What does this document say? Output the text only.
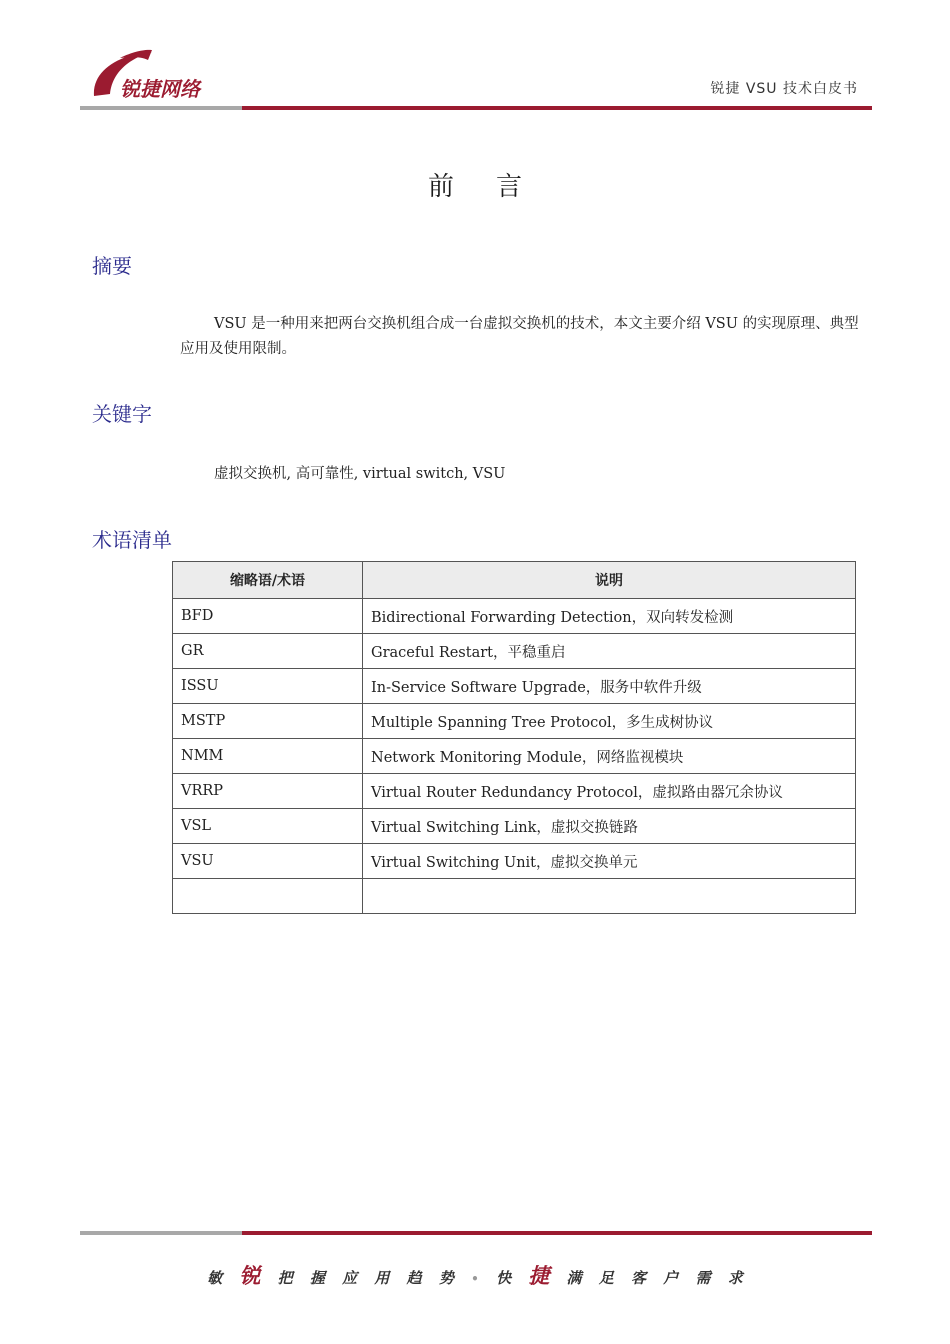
锐捷网络	锐捷 VSU 技术白皮书
前言
摘要
VSU 是一种用来把两台交换机组合成一台虚拟交换机的技术，本文主要介绍 VSU 的实现原理、典型应用及使用限制。
关键字
虚拟交换机, 高可靠性, virtual switch, VSU
术语清单
缩略语/术语	说明
BFD	Bidirectional Forwarding Detection，双向转发检测
GR	Graceful Restart，平稳重启
ISSU	In-Service Software Upgrade，服务中软件升级
MSTP	Multiple Spanning Tree Protocol，多生成树协议
NMM	Network Monitoring Module，网络监视模块
VRRP	Virtual Router Redundancy Protocol，虚拟路由器冗余协议
VSL	Virtual Switching Link，虚拟交换链路
VSU	Virtual Switching Unit，虚拟交换单元

敏 锐 把 握 应 用 趋 势 • 快 捷 满 足 客 户 需 求
